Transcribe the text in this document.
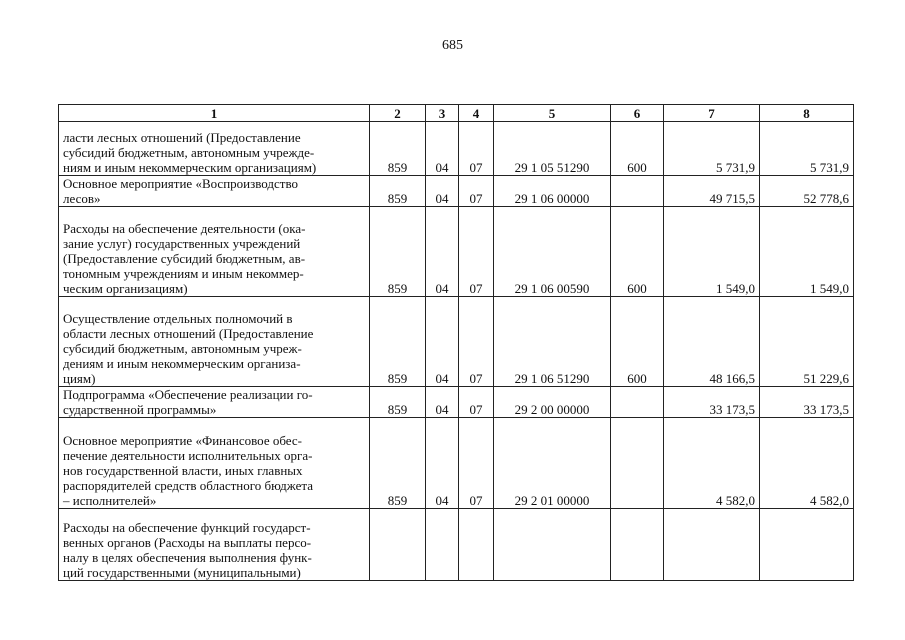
685
1	2	3	4	5	6	7	8

ласти лесных отношений (Предоставление
субсидий бюджетным, автономным учрежде-
ниям и иным некоммерческим организациям)	859	04	07	29 1 05 51290	600	5 731,9	5 731,9

Основное мероприятие «Воспроизводство
лесов»	859	04	07	29 1 06 00000		49 715,5	52 778,6

Расходы на обеспечение деятельности (ока-
зание услуг) государственных учреждений
(Предоставление субсидий бюджетным, ав-
тономным учреждениям и иным некоммер-
ческим организациям)	859	04	07	29 1 06 00590	600	1 549,0	1 549,0

Осуществление отдельных полномочий в
области лесных отношений (Предоставление
субсидий бюджетным, автономным учреж-
дениям и иным некоммерческим организа-
циям)	859	04	07	29 1 06 51290	600	48 166,5	51 229,6

Подпрограмма «Обеспечение реализации го-
сударственной программы»	859	04	07	29 2 00 00000		33 173,5	33 173,5

Основное мероприятие «Финансовое обес-
печение деятельности исполнительных орга-
нов государственной власти, иных главных
распорядителей средств областного бюджета
– исполнителей»	859	04	07	29 2 01 00000		4 582,0	4 582,0

Расходы на обеспечение функций государст-
венных органов (Расходы на выплаты персо-
налу в целях обеспечения выполнения функ-
ций государственными (муниципальными)							
